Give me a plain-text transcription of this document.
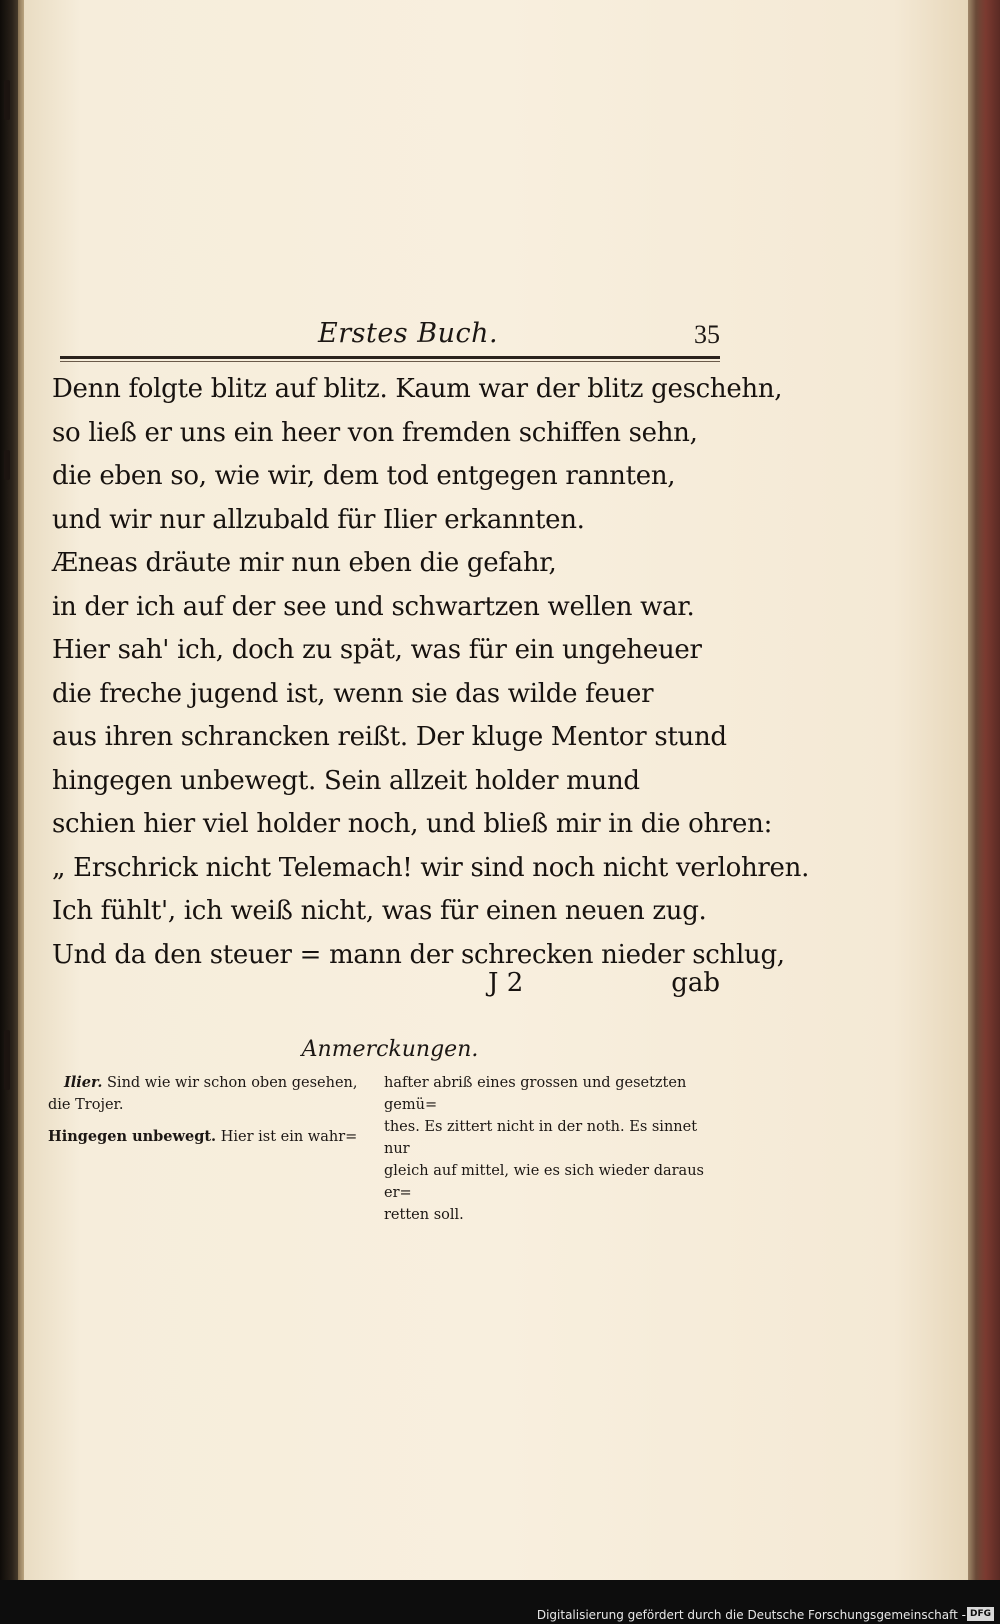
Erstes Buch.	35
Denn folgte blitz auf blitz. Kaum war der blitz geschehn,
so ließ er uns ein heer von fremden schiffen sehn,
die eben so, wie wir, dem tod entgegen rannten,
und wir nur allzubald für Ilier erkannten.
Æneas dräute mir nun eben die gefahr,
in der ich auf der see und schwartzen wellen war.
Hier sah' ich, doch zu spät, was für ein ungeheuer
die freche jugend ist, wenn sie das wilde feuer
aus ihren schrancken reißt. Der kluge Mentor stund
hingegen unbewegt. Sein allzeit holder mund
schien hier viel holder noch, und bließ mir in die ohren:
„ Erschrick nicht Telemach! wir sind noch nicht verlohren.
Ich fühlt', ich weiß nicht, was für einen neuen zug.
Und da den steuer = mann der schrecken nieder schlug,
J 2	gab
Anmerckungen.

Ilier. Sind wie wir schon oben gesehen, die Trojer.

Hingegen unbewegt. Hier ist ein wahr=

hafter abriß eines grossen und gesetzten gemü=
thes. Es zittert nicht in der noth. Es sinnet nur
gleich auf mittel, wie es sich wieder daraus er=
retten soll.
Digitalisierung gefördert durch die Deutsche Forschungsgemeinschaft - DFG
